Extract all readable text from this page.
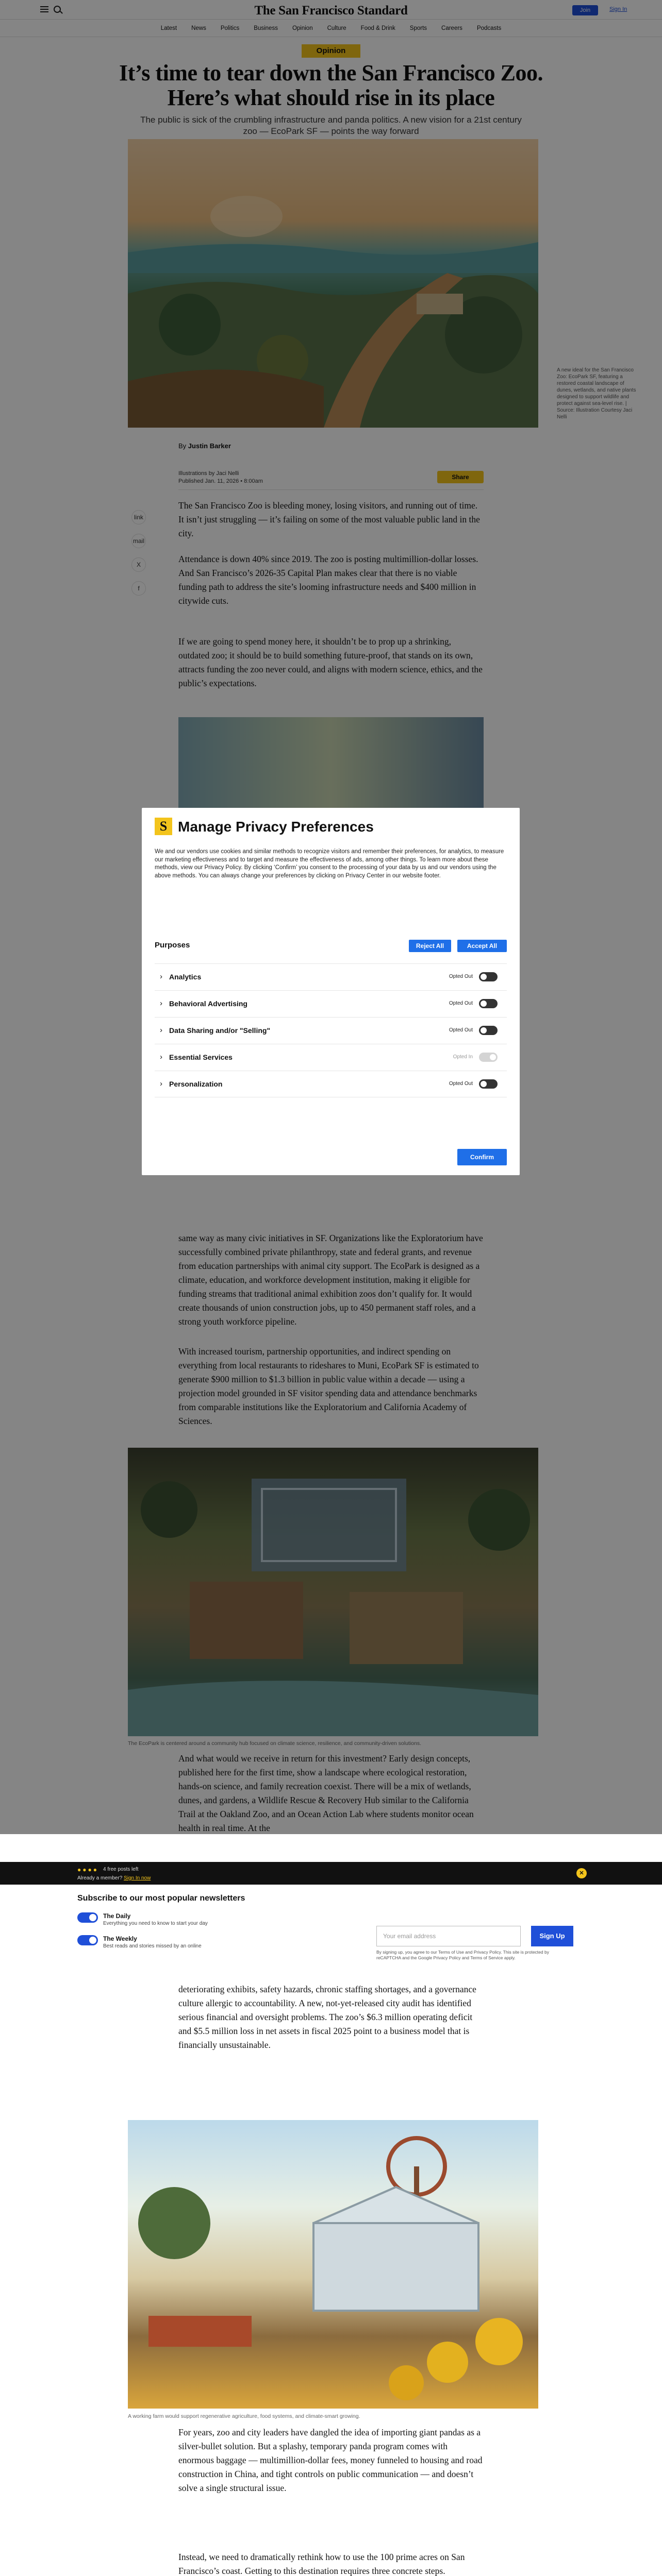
The San Francisco Standard	Join	Sign In
Latest News Politics Business Opinion Culture Food & Drink Sports Careers Podcasts
Opinion
It’s time to tear down the San Francisco Zoo. Here’s what should rise in its place

The public is sick of the crumbling infrastructure and panda politics. A new vision for a 21st century zoo — EcoPark SF — points the way forward

A new ideal for the San Francisco Zoo: EcoPark SF, featuring a restored coastal landscape of dunes, wetlands, and native plants designed to support wildlife and protect against sea-level rise. | Source: Illustration Courtesy Jaci Nelli
link
mail
X
f
By Justin Barker
Illustrations by Jaci Nelli
Published Jan. 11, 2026 • 8:00am
Share

The San Francisco Zoo is bleeding money, losing visitors, and running out of time. It isn’t just struggling — it’s failing on some of the most valuable public land in the city.

Attendance is down 40% since 2019. The zoo is posting multimillion-dollar losses. And San Francisco’s 2026-35 Capital Plan makes clear that there is no viable funding path to address the site’s looming infrastructure needs and $400 million in citywide cuts.

If we are going to spend money here, it shouldn’t be to prop up a shrinking, outdated zoo; it should be to build something future-proof, that stands on its own, attracts funding the zoo never could, and aligns with modern science, ethics, and the public’s expectations.

same way as many civic initiatives in SF. Organizations like the Exploratorium have successfully combined private philanthropy, state and federal grants, and revenue from education partnerships with animal city support. The EcoPark is designed as a climate, education, and workforce development institution, making it eligible for funding streams that traditional animal exhibition zoos don’t qualify for. It would create thousands of union construction jobs, up to 450 permanent staff roles, and a strong youth workforce pipeline.

With increased tourism, partnership opportunities, and indirect spending on everything from local restaurants to rideshares to Muni, EcoPark SF is estimated to generate $900 million to $1.3 billion in public value within a decade — using a projection model grounded in SF visitor spending data and attendance benchmarks from comparable institutions like the Exploratorium and California Academy of Sciences.

The EcoPark is centered around a community hub focused on climate science, resilience, and community-driven solutions.

And what would we receive in return for this investment? Early design concepts, published here for the first time, show a landscape where ecological restoration, hands-on science, and family recreation coexist. There will be a mix of wetlands, dunes, and gardens, a Wildlife Rescue & Recovery Hub similar to the California Trail at the Oakland Zoo, and an Ocean Action Lab where students monitor ocean health in real time. At the

S Manage Privacy Preferences

We and our vendors use cookies and similar methods to recognize visitors and remember their preferences, for analytics, to measure our marketing effectiveness and to target and measure the effectiveness of ads, among other things. To learn more about these methods, view our Privacy Policy. By clicking ‘Confirm’ you consent to the processing of your data by us and our vendors using the above methods. You can always change your preferences by clicking on Privacy Center in our website footer.

Purposes	Reject All	Accept All
› Analytics	Opted Out
› Behavioral Advertising	Opted Out
› Data Sharing and/or "Selling"	Opted Out
› Essential Services	Opted In
› Personalization	Opted Out
Confirm
●●●● 4 free posts left
Already a member? Sign In now
✕
Subscribe to our most popular newsletters
The Daily
Everything you need to know to start your day
The Weekly
Best reads and stories missed by an online
Your email address	Sign Up
By signing up, you agree to our Terms of Use and Privacy Policy. This site is protected by reCAPTCHA and the Google Privacy Policy and Terms of Service apply.

deteriorating exhibits, safety hazards, chronic staffing shortages, and a governance culture allergic to accountability. A new, not-yet-released city audit has identified serious financial and oversight problems. The zoo’s $6.3 million operating deficit and $5.5 million loss in net assets in fiscal 2025 point to a business model that is financially unsustainable.

A working farm would support regenerative agriculture, food systems, and climate-smart growing.

For years, zoo and city leaders have dangled the idea of importing giant pandas as a silver-bullet solution. But a splashy, temporary panda program comes with enormous baggage — multimillion-dollar fees, money funneled to housing and road construction in China, and tight controls on public communication — and doesn’t solve a single structural issue.

Instead, we need to dramatically rethink how to use the 100 prime acres on San Francisco’s coast. Getting to this destination requires three concrete steps.
